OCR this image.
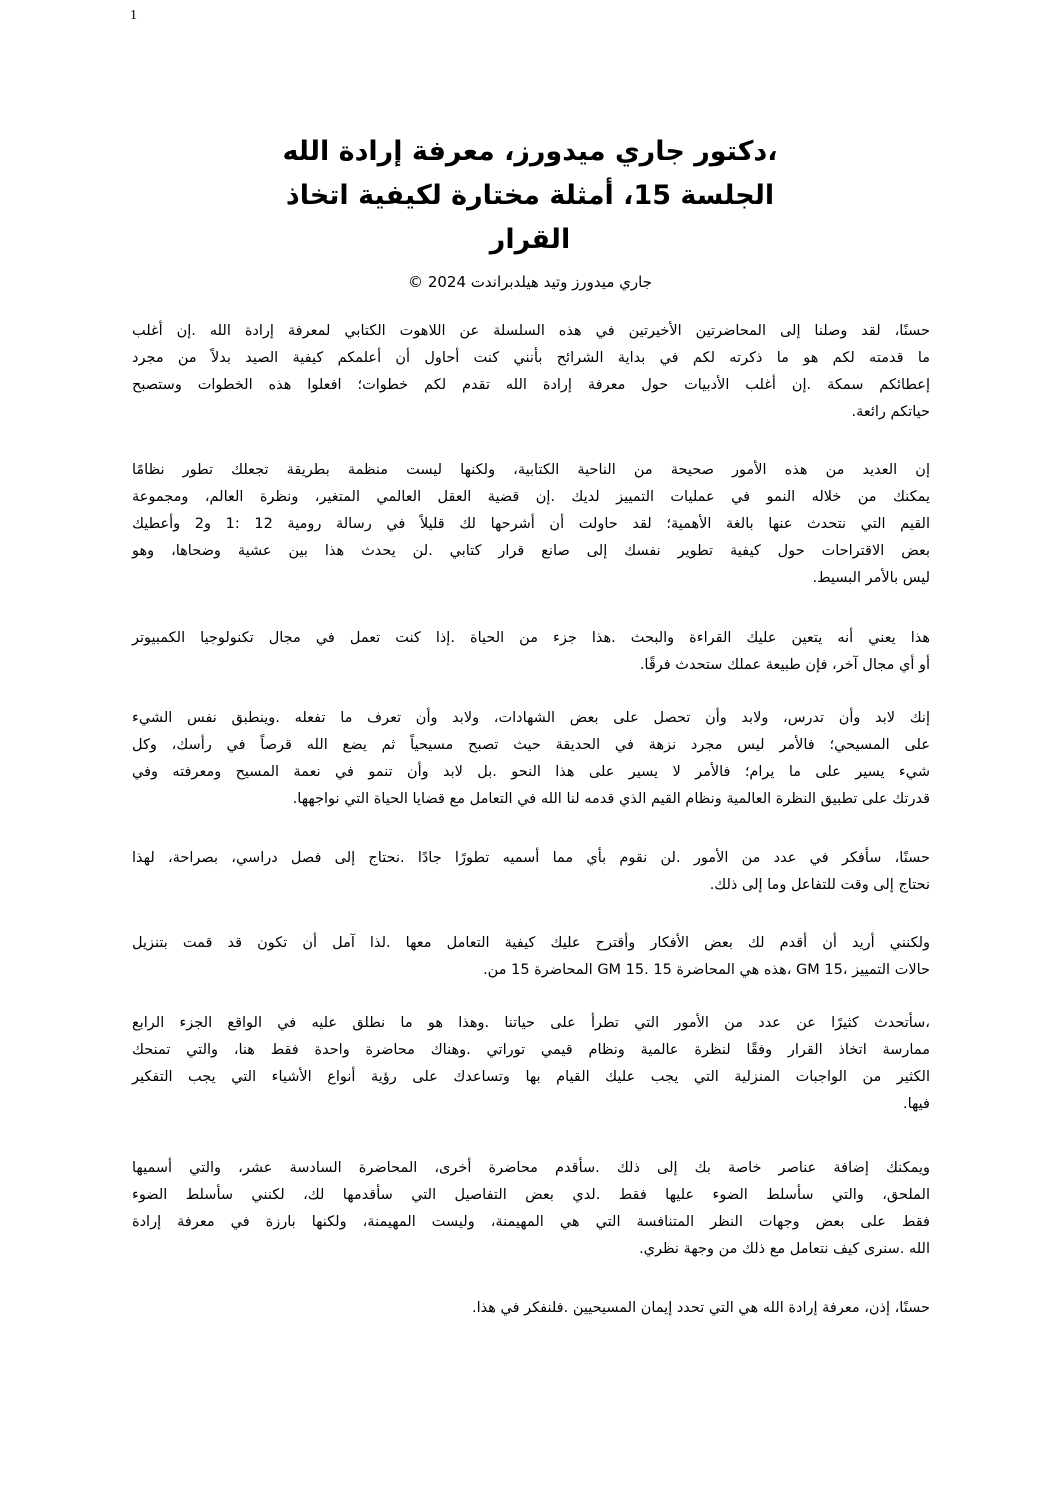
1
،دكتور جاري ميدورز، معرفة إرادة الله
الجلسة 15، أمثلة مختارة لكيفية اتخاذ
القرار
جاري ميدورز وتيد هيلدبراندت 2024 ©
حسنًا، لقد وصلنا إلى المحاضرتين الأخيرتين في هذه السلسلة عن اللاهوت الكتابي لمعرفة إرادة الله .إن أغلب
ما قدمته لكم هو ما ذكرته لكم في بداية الشرائح بأنني كنت أحاول أن أعلمكم كيفية الصيد بدلاً من مجرد
إعطائكم سمكة .إن أغلب الأدبيات حول معرفة إرادة الله تقدم لكم خطوات؛ افعلوا هذه الخطوات وستصبح
حياتكم رائعة.
إن العديد من هذه الأمور صحيحة من الناحية الكتابية، ولكنها ليست منظمة بطريقة تجعلك تطور نظامًا
يمكنك من خلاله النمو في عمليات التمييز لديك .إن قضية العقل العالمي المتغير، ونظرة العالم، ومجموعة
القيم التي نتحدث عنها بالغة الأهمية؛ لقد حاولت أن أشرحها لك قليلاً في رسالة رومية 12 :1 و2 وأعطيك
بعض الاقتراحات حول كيفية تطوير نفسك إلى صانع قرار كتابي .لن يحدث هذا بين عشية وضحاها، وهو
ليس بالأمر البسيط.
هذا يعني أنه يتعين عليك القراءة والبحث .هذا جزء من الحياة .إذا كنت تعمل في مجال تكنولوجيا الكمبيوتر
أو أي مجال آخر، فإن طبيعة عملك ستحدث فرقًا.
إنك لابد وأن تدرس، ولابد وأن تحصل على بعض الشهادات، ولابد وأن تعرف ما تفعله .وينطبق نفس الشيء
على المسيحي؛ فالأمر ليس مجرد نزهة في الحديقة حيث تصبح مسيحياً ثم يضع الله قرصاً في رأسك، وكل
شيء يسير على ما يرام؛ فالأمر لا يسير على هذا النحو .بل لابد وأن تنمو في نعمة المسيح ومعرفته وفي
قدرتك على تطبيق النظرة العالمية ونظام القيم الذي قدمه لنا الله في التعامل مع قضايا الحياة التي نواجهها.
حسنًا، سأفكر في عدد من الأمور .لن نقوم بأي مما أسميه تطورًا جادًا .نحتاج إلى فصل دراسي، بصراحة، لهذا
نحتاج إلى وقت للتفاعل وما إلى ذلك.
ولكنني أريد أن أقدم لك بعض الأفكار وأقترح عليك كيفية التعامل معها .لذا آمل أن تكون قد قمت بتنزيل
حالات التمييز ،GM 15 ،هذه هي المحاضرة 15 .GM 15 المحاضرة 15 من.
،سأتحدث كثيرًا عن عدد من الأمور التي تطرأ على حياتنا .وهذا هو ما نطلق عليه في الواقع الجزء الرابع
ممارسة اتخاذ القرار وفقًا لنظرة عالمية ونظام قيمي توراتي .وهناك محاضرة واحدة فقط هنا، والتي تمنحك
الكثير من الواجبات المنزلية التي يجب عليك القيام بها وتساعدك على رؤية أنواع الأشياء التي يجب التفكير
فيها.
ويمكنك إضافة عناصر خاصة بك إلى ذلك .سأقدم محاضرة أخرى، المحاضرة السادسة عشر، والتي أسميها
الملحق، والتي سأسلط الضوء عليها فقط .لدي بعض التفاصيل التي سأقدمها لك، لكنني سأسلط الضوء
فقط على بعض وجهات النظر المتنافسة التي هي المهيمنة، وليست المهيمنة، ولكنها بارزة في معرفة إرادة
الله .سنرى كيف نتعامل مع ذلك من وجهة نظري.
حسنًا، إذن، معرفة إرادة الله هي التي تحدد إيمان المسيحيين .فلنفكر في هذا.
